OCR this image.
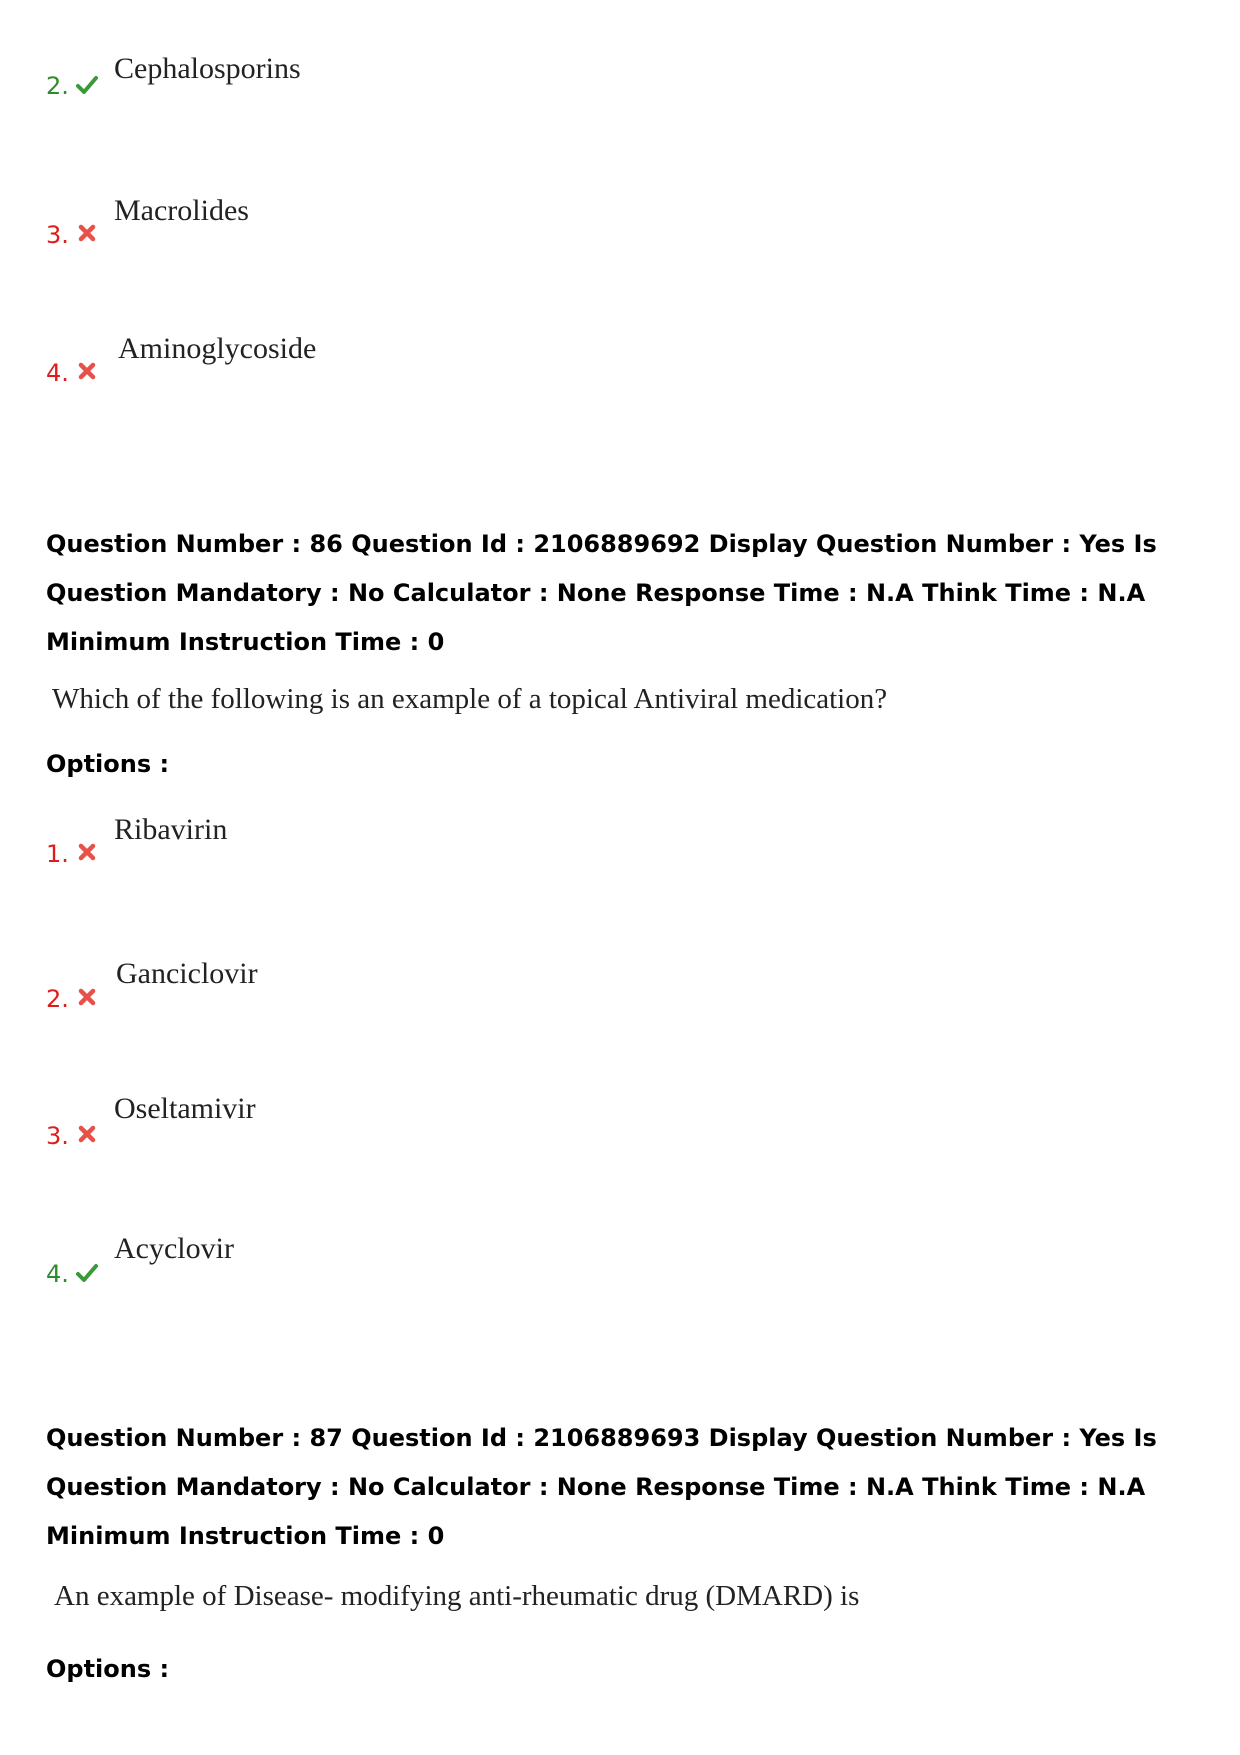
2.
Cephalosporins
3.
Macrolides
4.
Aminoglycoside
Question Number : 86 Question Id : 2106889692 Display Question Number : Yes Is Question Mandatory : No Calculator : None Response Time : N.A Think Time : N.A Minimum Instruction Time : 0
Which of the following is an example of a topical Antiviral medication?
Options :
1.
Ribavirin
2.
Ganciclovir
3.
Oseltamivir
4.
Acyclovir
Question Number : 87 Question Id : 2106889693 Display Question Number : Yes Is Question Mandatory : No Calculator : None Response Time : N.A Think Time : N.A Minimum Instruction Time : 0
An example of Disease- modifying anti-rheumatic drug (DMARD) is
Options :
